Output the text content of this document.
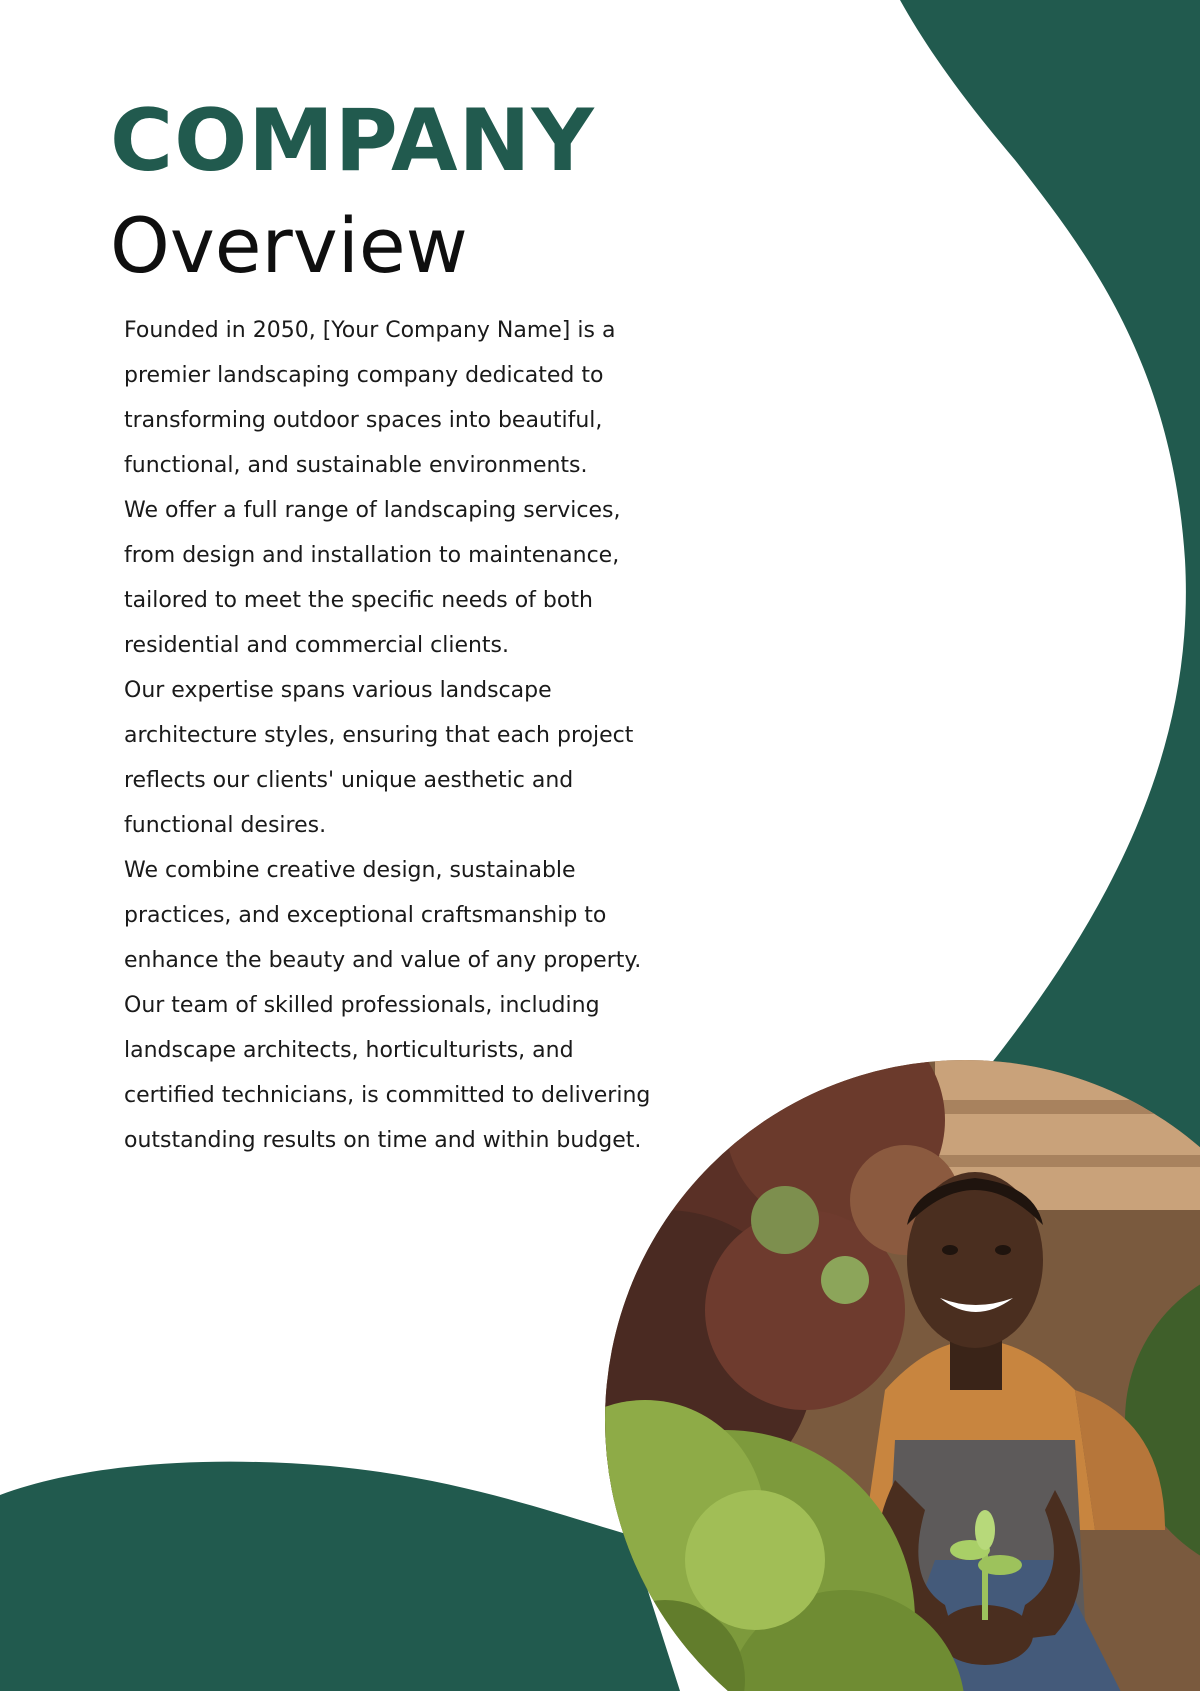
COMPANY
Overview

Founded in 2050, [Your Company Name] is a premier landscaping company dedicated to transforming outdoor spaces into beautiful, functional, and sustainable environments.

We offer a full range of landscaping services, from design and installation to maintenance, tailored to meet the specific needs of both residential and commercial clients.

Our expertise spans various landscape architecture styles, ensuring that each project reflects our clients' unique aesthetic and functional desires.

We combine creative design, sustainable practices, and exceptional craftsmanship to enhance the beauty and value of any property.

Our team of skilled professionals, including landscape architects, horticulturists, and certified technicians, is committed to delivering outstanding results on time and within budget.
